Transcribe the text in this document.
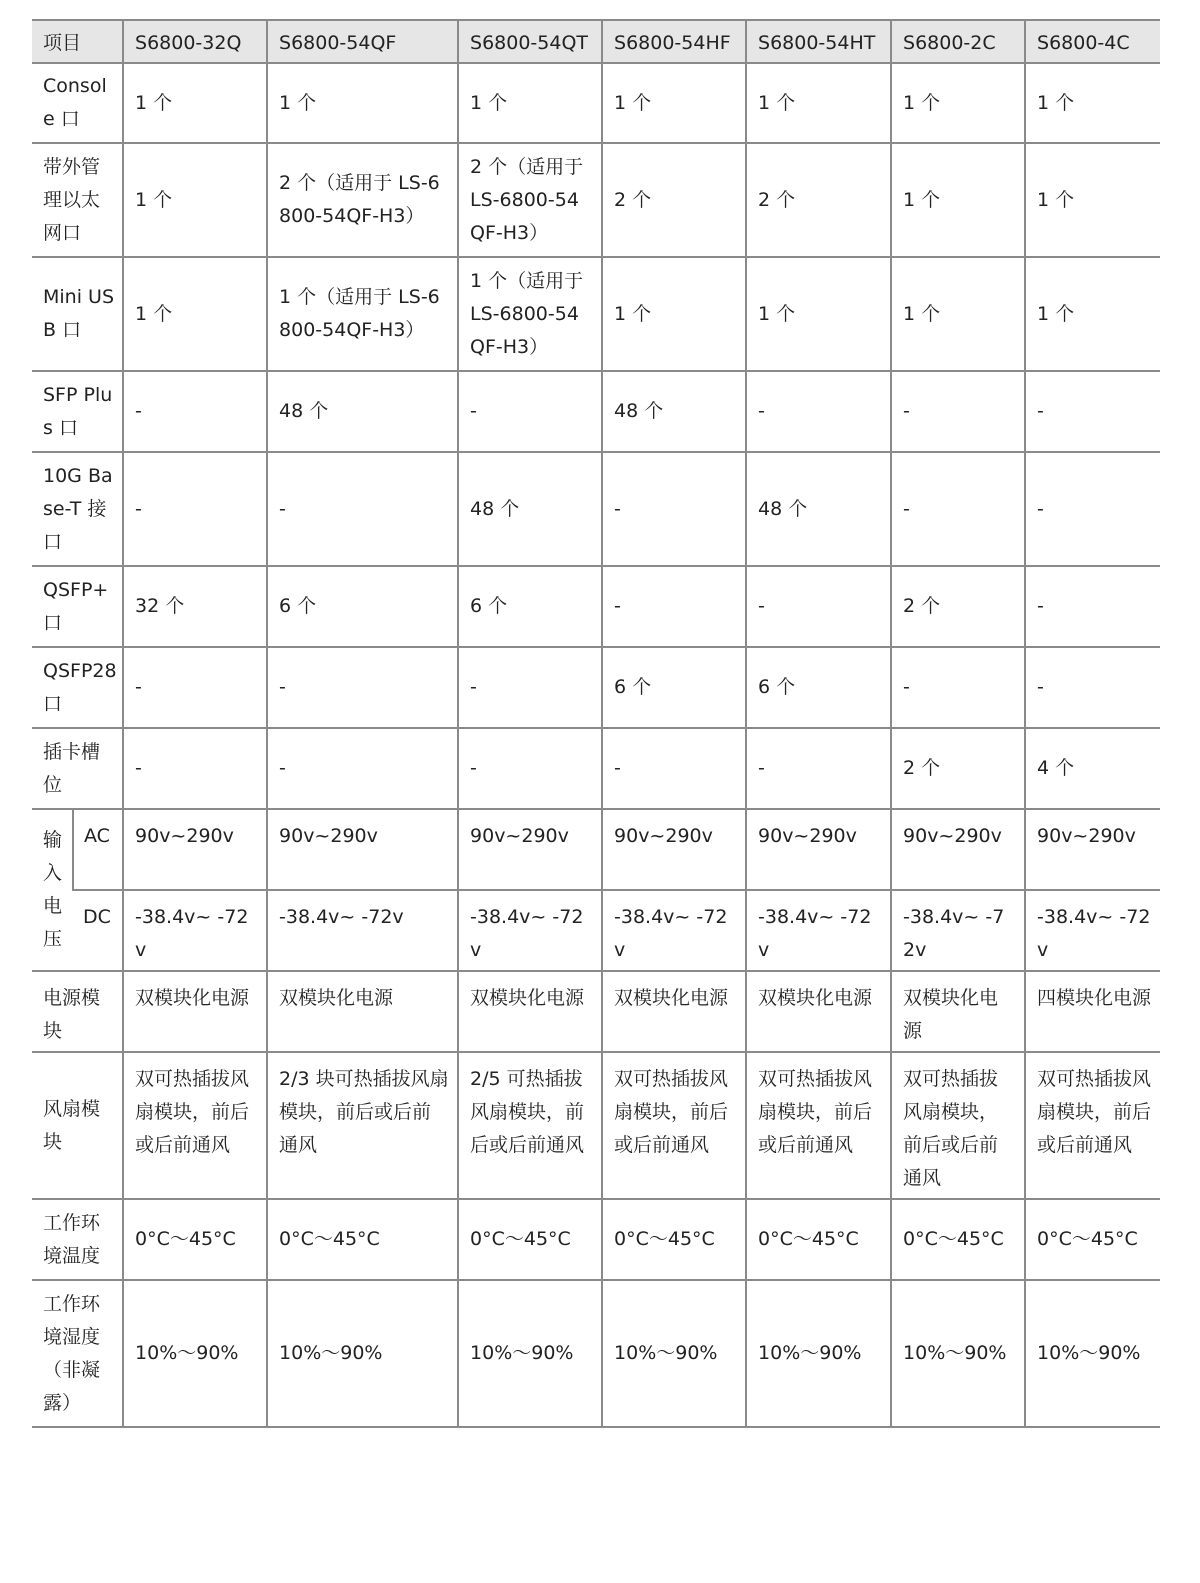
项目		S6800-32Q	S6800-54QF	S6800-54QT	S6800-54HF	S6800-54HT	S6800-2C	S6800-4C
Console 口		1 个	1 个	1 个	1 个	1 个	1 个	1 个
带外管理以太网口		1 个	2 个（适用于 LS-6800-54QF-H3）	2 个（适用于 LS-6800-54QF-H3）	2 个	2 个	1 个	1 个
Mini USB 口		1 个	1 个（适用于 LS-6800-54QF-H3）	1 个（适用于 LS-6800-54QF-H3）	1 个	1 个	1 个	1 个
SFP Plus 口		-	48 个	-	48 个	-	-	-
10G Base-T 接口		-	-	48 个	-	48 个	-	-
QSFP+ 口		32 个	6 个	6 个	-	-	2 个	-
QSFP28 口		-	-	-	6 个	6 个	-	-
插卡槽位		-	-	-	-	-	2 个	4 个
输入电压	AC	90v~290v	90v~290v	90v~290v	90v~290v	90v~290v	90v~290v	90v~290v
	DC	-38.4v~ -72v	-38.4v~ -72v	-38.4v~ -72v	-38.4v~ -72v	-38.4v~ -72v	-38.4v~ -72v	-38.4v~ -72v
电源模块		双模块化电源	双模块化电源	双模块化电源	双模块化电源	双模块化电源	双模块化电源	四模块化电源
风扇模块		双可热插拔风扇模块，前后或后前通风	2/3 块可热插拔风扇模块，前后或后前通风	2/5 可热插拔风扇模块，前后或后前通风	双可热插拔风扇模块，前后或后前通风	双可热插拔风扇模块，前后或后前通风	双可热插拔风扇模块，前后或后前通风	双可热插拔风扇模块，前后或后前通风
工作环境温度		0°C～45°C	0°C～45°C	0°C～45°C	0°C～45°C	0°C～45°C	0°C～45°C	0°C～45°C
工作环境湿度（非凝露）		10%～90%	10%～90%	10%～90%	10%～90%	10%～90%	10%～90%	10%～90%
